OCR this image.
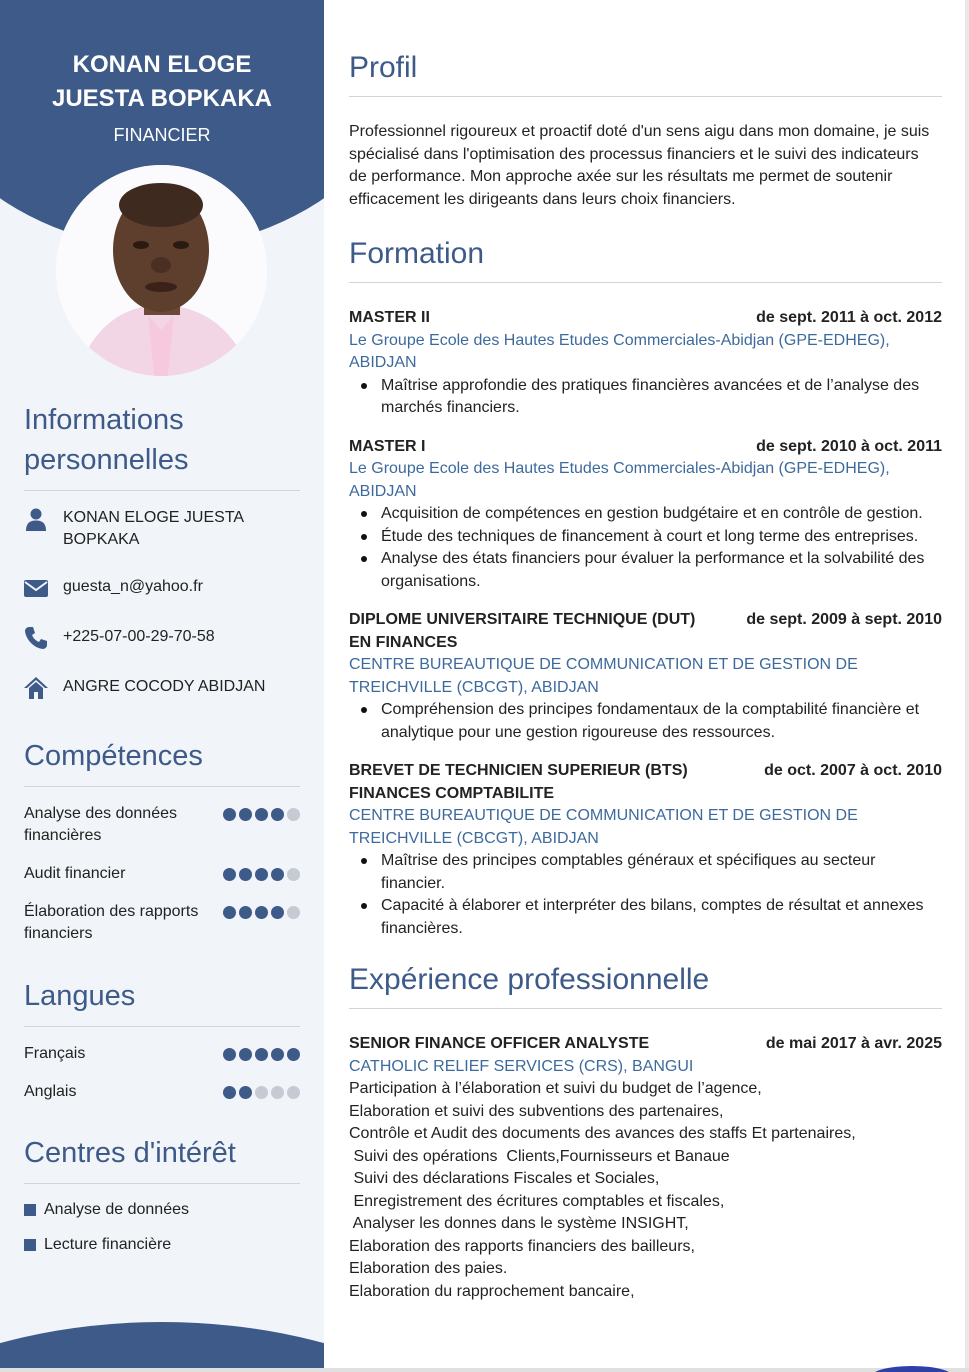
KONAN ELOGE
JUESTA BOPKAKA
FINANCIER
Informations
personnelles
KONAN ELOGE JUESTA
BOPKAKA
guesta_n@yahoo.fr
+225-07-00-29-70-58
ANGRE COCODY ABIDJAN
Compétences
Analyse des données
financières
Audit financier
Élaboration des rapports
financiers
Langues
Français
Anglais
Centres d'intérêt
Analyse de données
Lecture financière
Profil
Professionnel rigoureux et proactif doté d'un sens aigu dans mon domaine, je suis
spécialisé dans l'optimisation des processus financiers et le suivi des indicateurs
de performance. Mon approche axée sur les résultats me permet de soutenir
efficacement les dirigeants dans leurs choix financiers.
Formation
MASTER II	de sept. 2011 à oct. 2012
Le Groupe Ecole des Hautes Etudes Commerciales-Abidjan (GPE-EDHEG),
ABIDJAN
Maîtrise approfondie des pratiques financières avancées et de l’analyse des
marchés financiers.
MASTER I	de sept. 2010 à oct. 2011
Le Groupe Ecole des Hautes Etudes Commerciales-Abidjan (GPE-EDHEG),
ABIDJAN
Acquisition de compétences en gestion budgétaire et en contrôle de gestion.
Étude des techniques de financement à court et long terme des entreprises.
Analyse des états financiers pour évaluer la performance et la solvabilité des
organisations.
DIPLOME UNIVERSITAIRE TECHNIQUE (DUT)
EN FINANCES
de sept. 2009 à sept. 2010
CENTRE BUREAUTIQUE DE COMMUNICATION ET DE GESTION DE
TREICHVILLE (CBCGT), ABIDJAN
Compréhension des principes fondamentaux de la comptabilité financière et
analytique pour une gestion rigoureuse des ressources.
BREVET DE TECHNICIEN SUPERIEUR (BTS)
FINANCES COMPTABILITE
de oct. 2007 à oct. 2010
CENTRE BUREAUTIQUE DE COMMUNICATION ET DE GESTION DE
TREICHVILLE (CBCGT), ABIDJAN
Maîtrise des principes comptables généraux et spécifiques au secteur
financier.
Capacité à élaborer et interpréter des bilans, comptes de résultat et annexes
financières.
Expérience professionnelle
SENIOR FINANCE OFFICER ANALYSTE	de mai 2017 à avr. 2025
CATHOLIC RELIEF SERVICES (CRS), BANGUI
Participation à l’élaboration et suivi du budget de l’agence,
Elaboration et suivi des subventions des partenaires,
Contrôle et Audit des documents des avances des staffs Et partenaires,
Suivi des opérations  Clients,Fournisseurs et Banaue
Suivi des déclarations Fiscales et Sociales,
Enregistrement des écritures comptables et fiscales,
Analyser les donnes dans le système INSIGHT,
Elaboration des rapports financiers des bailleurs,
Elaboration des paies.
Elaboration du rapprochement bancaire,
